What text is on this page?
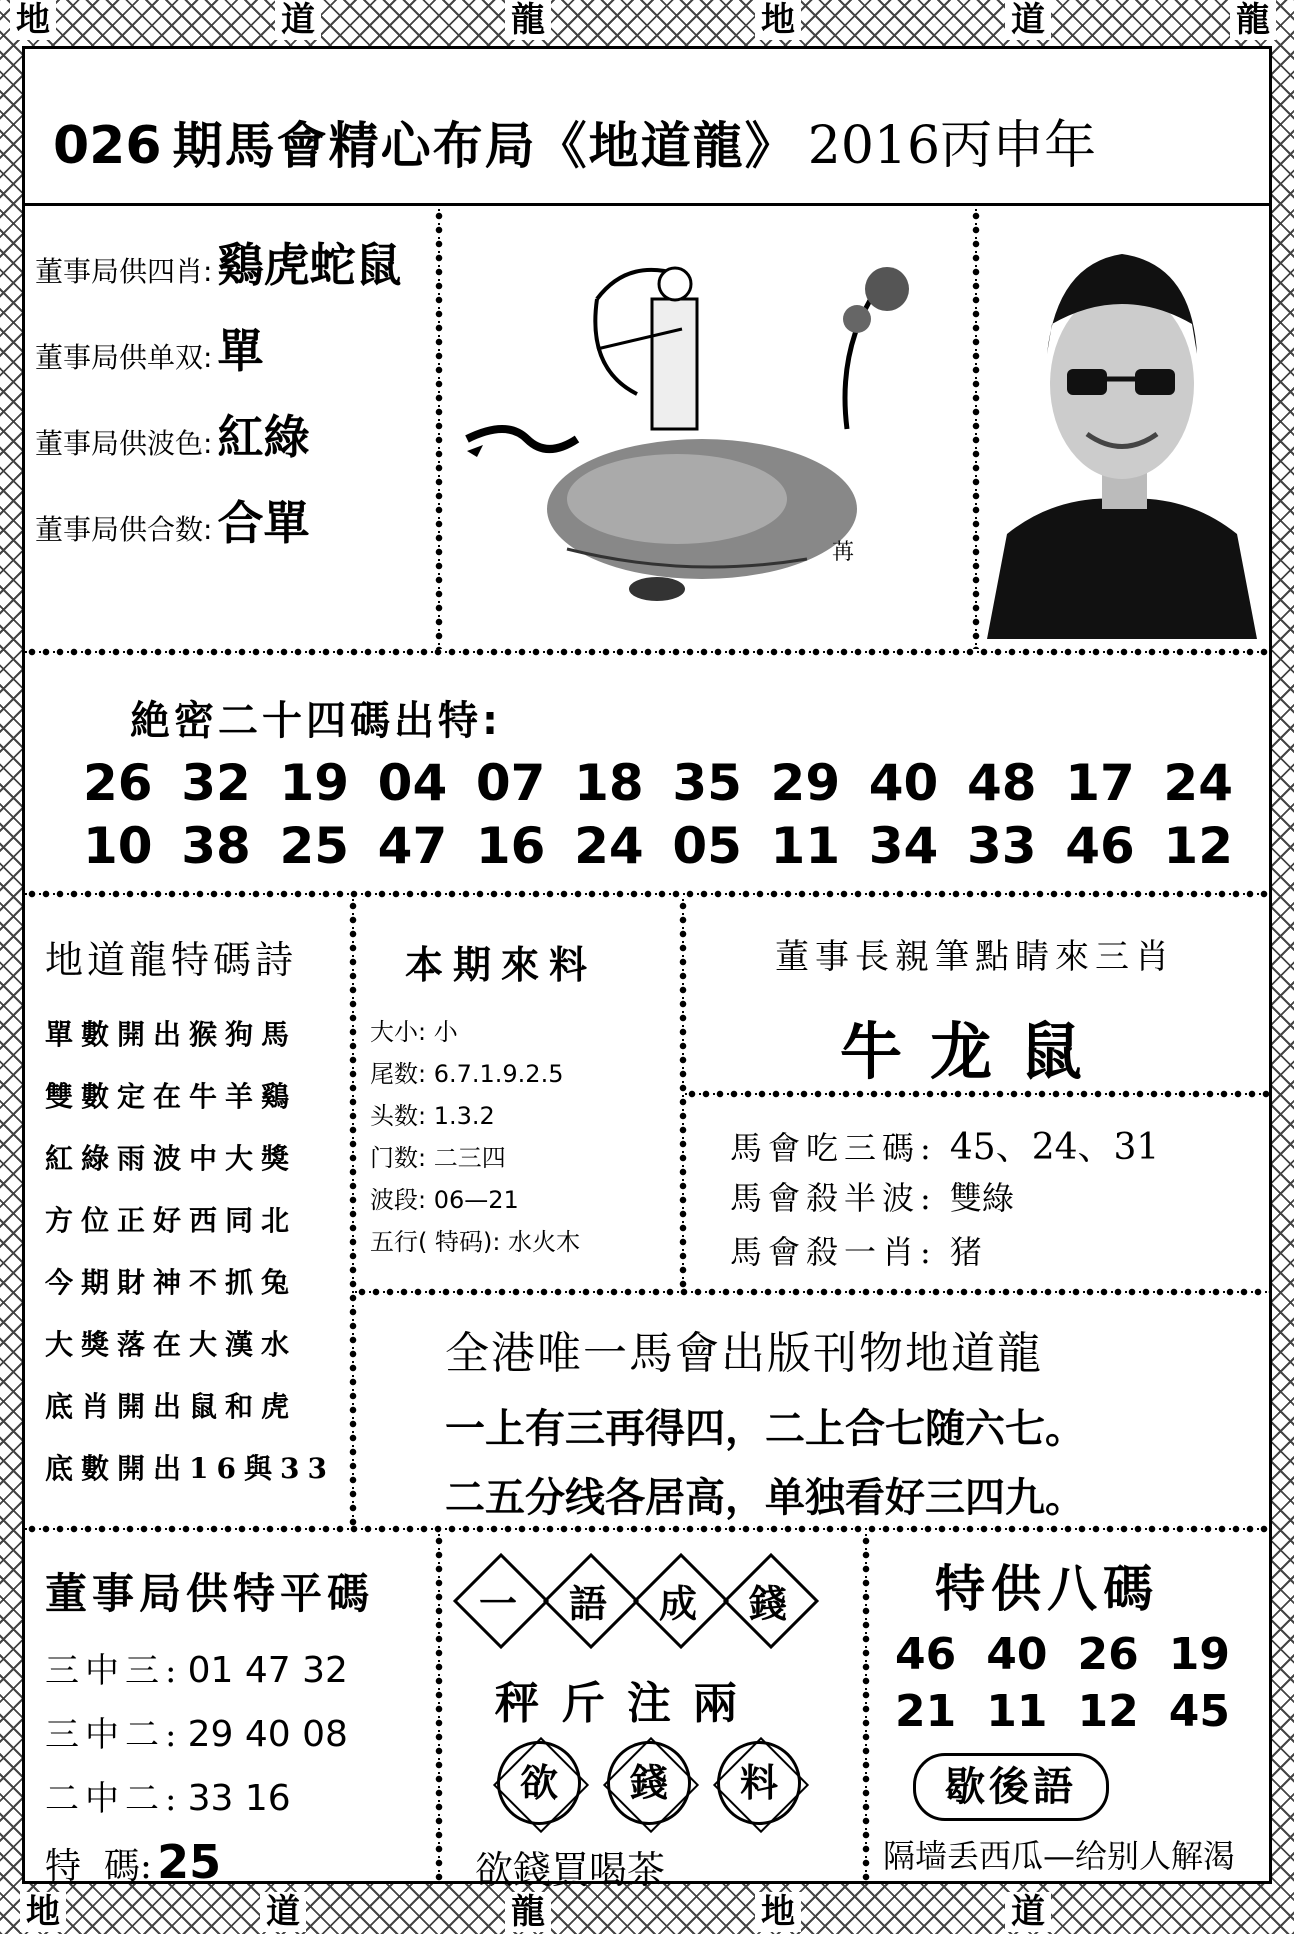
地	道	龍	地	道	龍
地	道	龍	地	道
026 期馬會精心布局《地道龍》 2016丙申年
董事局供四肖: 鷄虎蛇鼠
董事局供单双: 單
董事局供波色: 紅綠
董事局供合数: 合單
苒
絶密二十四碼出特:
26 32 19 04 07 18 35 29 40 48 17 24
10 38 25 47 16 24 05 11 34 33 46 12
地道龍特碼詩
單數開出猴狗馬
雙數定在牛羊鷄
紅綠雨波中大獎
方位正好西同北
今期財神不抓兔
大獎落在大漢水
底肖開出鼠和虎
底數開出16與33
本期來料
大小: 小
尾数: 6.7.1.9.2.5
头数: 1.3.2
门数: 二三四
波段: 06—21
五行( 特码): 水火木
董事長親筆點睛來三肖
牛龙鼠
馬會吃三碼: 45、24、31
馬會殺半波: 雙綠
馬會殺一肖: 猪
全港唯一馬會出版刊物地道龍
一上有三再得四，二上合七随六七。
二五分线各居高，单独看好三四九。
董事局供特平碼
三中三: 01 47 32
三中二: 29 40 08
二中二: 33 16
特  碼: 25
一	語	成	錢
秤斤注兩
欲	錢	料
欲錢買喝茶
特供八碼
46 40 26 19
21 11 12 45
歇後語
隔墙丢西瓜—给别人解渴
